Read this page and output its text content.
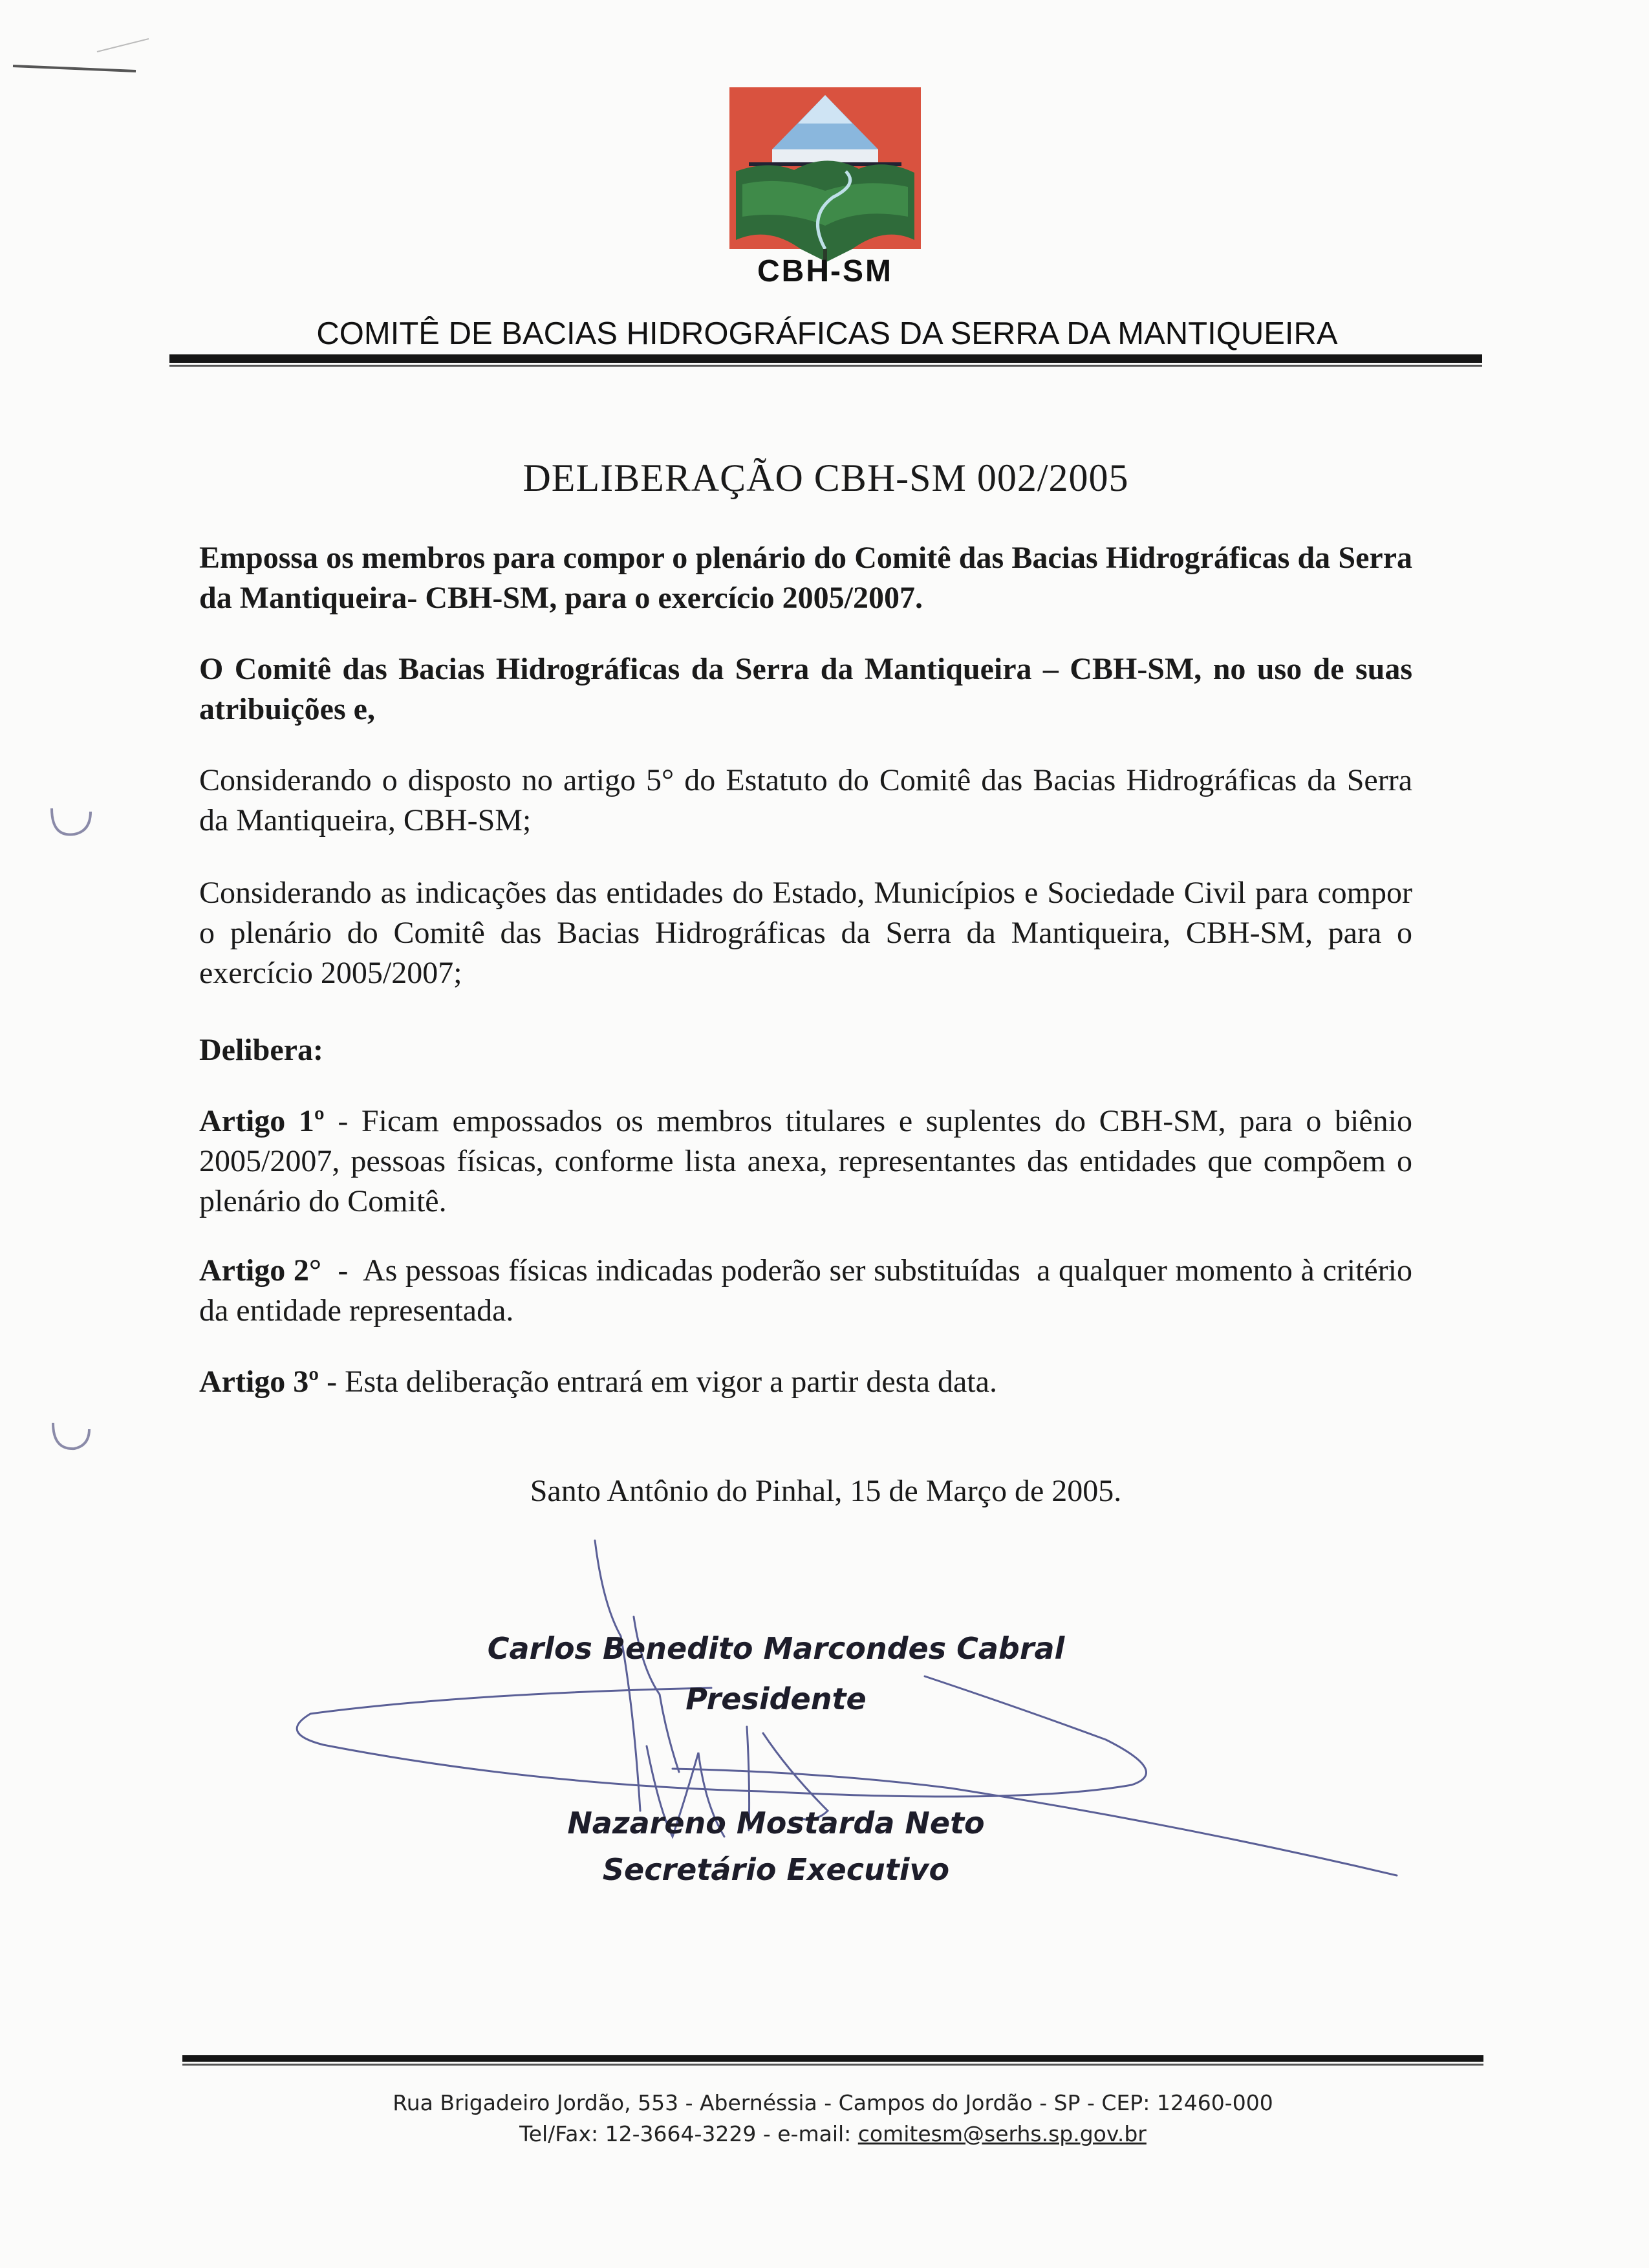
CBH-SM
COMITÊ DE BACIAS HIDROGRÁFICAS DA SERRA DA MANTIQUEIRA
DELIBERAÇÃO CBH-SM 002/2005
Empossa os membros para compor o plenário do Comitê das Bacias Hidrográficas da Serra da Mantiqueira- CBH-SM, para o exercício 2005/2007.
O Comitê das Bacias Hidrográficas da Serra da Mantiqueira – CBH-SM, no uso de suas atribuições e,
Considerando o disposto no artigo 5° do Estatuto do Comitê das Bacias Hidrográficas da Serra da Mantiqueira, CBH-SM;
Considerando as indicações das entidades do Estado, Municípios e Sociedade Civil para compor o plenário do Comitê das Bacias Hidrográficas da Serra da Mantiqueira, CBH-SM, para o exercício 2005/2007;
Delibera:
Artigo 1º - Ficam empossados os membros titulares e suplentes do CBH-SM, para o biênio 2005/2007, pessoas físicas, conforme lista anexa, representantes das entidades que compõem o plenário do Comitê.
Artigo 2°  -  As pessoas físicas indicadas poderão ser substituídas  a qualquer momento à critério da entidade representada.
Artigo 3º - Esta deliberação entrará em vigor a partir desta data.
Santo Antônio do Pinhal, 15 de Março de 2005.
Carlos Benedito Marcondes Cabral
Presidente
Nazareno Mostarda Neto
Secretário Executivo
Rua Brigadeiro Jordão, 553 - Abernéssia - Campos do Jordão - SP - CEP: 12460-000
Tel/Fax: 12-3664-3229 - e-mail: comitesm@serhs.sp.gov.br
